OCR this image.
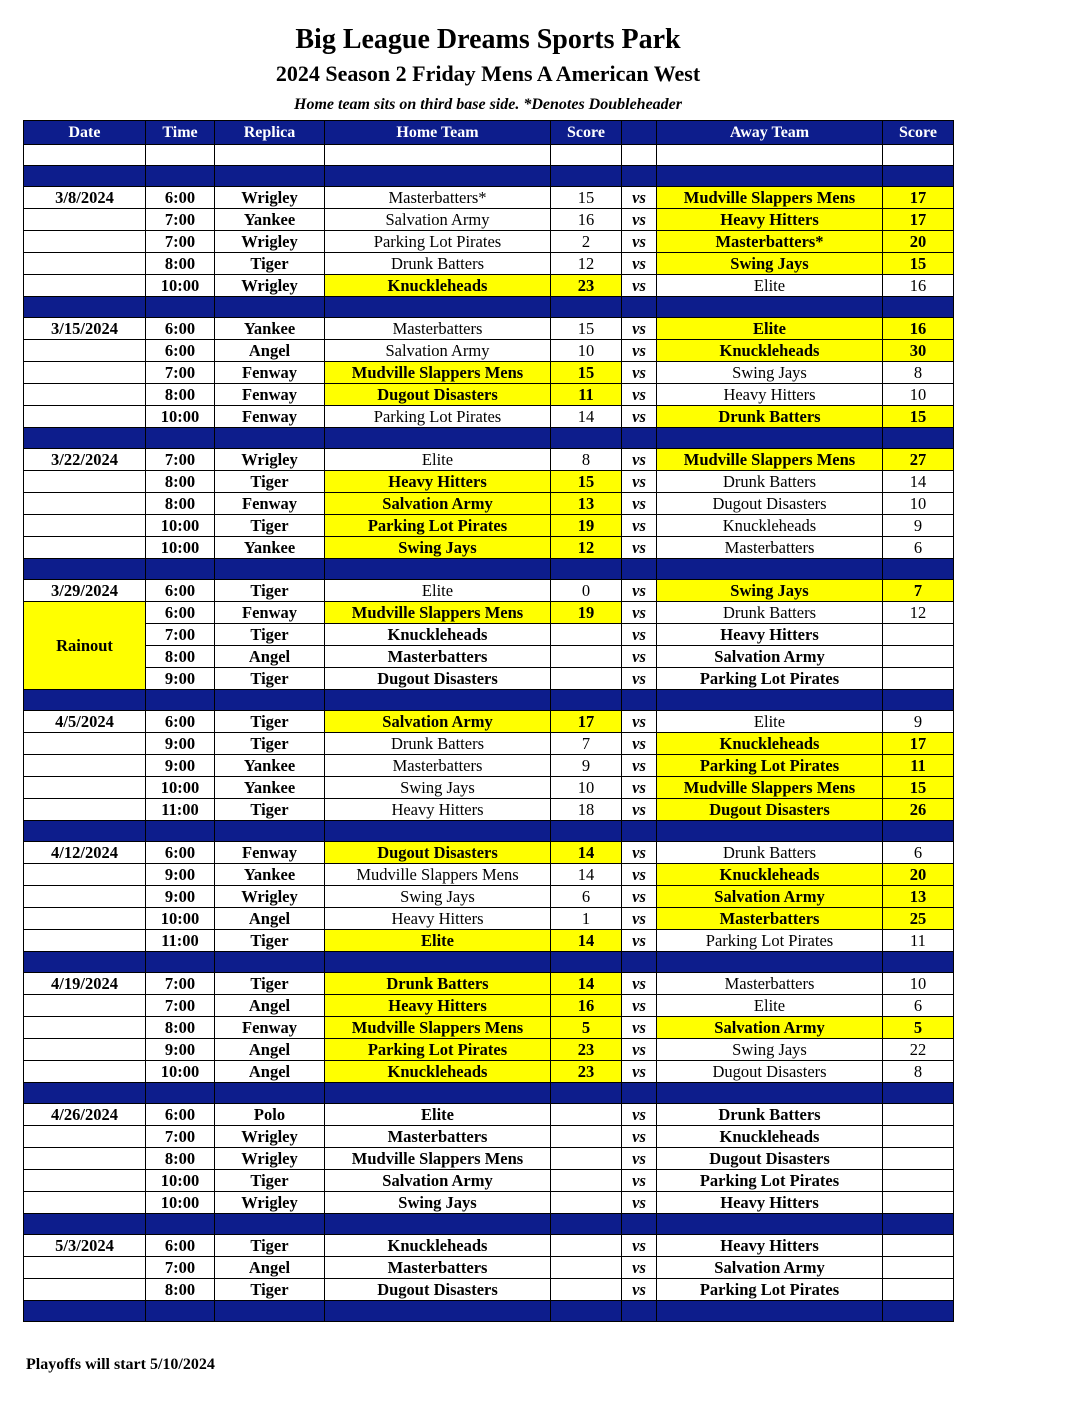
Big League Dreams Sports Park
2024 Season 2 Friday Mens A American West
Home team sits on third base side. *Denotes Doubleheader
Date	Time	Replica	Home Team	Score		Away Team	Score

3/8/2024	6:00	Wrigley	Masterbatters*	15	vs	Mudville Slappers Mens	17
	7:00	Yankee	Salvation Army	16	vs	Heavy Hitters	17
	7:00	Wrigley	Parking Lot Pirates	2	vs	Masterbatters*	20
	8:00	Tiger	Drunk Batters	12	vs	Swing Jays	15
	10:00	Wrigley	Knuckleheads	23	vs	Elite	16

3/15/2024	6:00	Yankee	Masterbatters	15	vs	Elite	16
	6:00	Angel	Salvation Army	10	vs	Knuckleheads	30
	7:00	Fenway	Mudville Slappers Mens	15	vs	Swing Jays	8
	8:00	Fenway	Dugout Disasters	11	vs	Heavy Hitters	10
	10:00	Fenway	Parking Lot Pirates	14	vs	Drunk Batters	15

3/22/2024	7:00	Wrigley	Elite	8	vs	Mudville Slappers Mens	27
	8:00	Tiger	Heavy Hitters	15	vs	Drunk Batters	14
	8:00	Fenway	Salvation Army	13	vs	Dugout Disasters	10
	10:00	Tiger	Parking Lot Pirates	19	vs	Knuckleheads	9
	10:00	Yankee	Swing Jays	12	vs	Masterbatters	6

3/29/2024	6:00	Tiger	Elite	0	vs	Swing Jays	7
Rainout	6:00	Fenway	Mudville Slappers Mens	19	vs	Drunk Batters	12
	7:00	Tiger	Knuckleheads		vs	Heavy Hitters	
	8:00	Angel	Masterbatters		vs	Salvation Army	
	9:00	Tiger	Dugout Disasters		vs	Parking Lot Pirates	

4/5/2024	6:00	Tiger	Salvation Army	17	vs	Elite	9
	9:00	Tiger	Drunk Batters	7	vs	Knuckleheads	17
	9:00	Yankee	Masterbatters	9	vs	Parking Lot Pirates	11
	10:00	Yankee	Swing Jays	10	vs	Mudville Slappers Mens	15
	11:00	Tiger	Heavy Hitters	18	vs	Dugout Disasters	26

4/12/2024	6:00	Fenway	Dugout Disasters	14	vs	Drunk Batters	6
	9:00	Yankee	Mudville Slappers Mens	14	vs	Knuckleheads	20
	9:00	Wrigley	Swing Jays	6	vs	Salvation Army	13
	10:00	Angel	Heavy Hitters	1	vs	Masterbatters	25
	11:00	Tiger	Elite	14	vs	Parking Lot Pirates	11

4/19/2024	7:00	Tiger	Drunk Batters	14	vs	Masterbatters	10
	7:00	Angel	Heavy Hitters	16	vs	Elite	6
	8:00	Fenway	Mudville Slappers Mens	5	vs	Salvation Army	5
	9:00	Angel	Parking Lot Pirates	23	vs	Swing Jays	22
	10:00	Angel	Knuckleheads	23	vs	Dugout Disasters	8

4/26/2024	6:00	Polo	Elite		vs	Drunk Batters	
	7:00	Wrigley	Masterbatters		vs	Knuckleheads	
	8:00	Wrigley	Mudville Slappers Mens		vs	Dugout Disasters	
	10:00	Tiger	Salvation Army		vs	Parking Lot Pirates	
	10:00	Wrigley	Swing Jays		vs	Heavy Hitters	

5/3/2024	6:00	Tiger	Knuckleheads		vs	Heavy Hitters	
	7:00	Angel	Masterbatters		vs	Salvation Army	
	8:00	Tiger	Dugout Disasters		vs	Parking Lot Pirates	

Playoffs will start 5/10/2024
